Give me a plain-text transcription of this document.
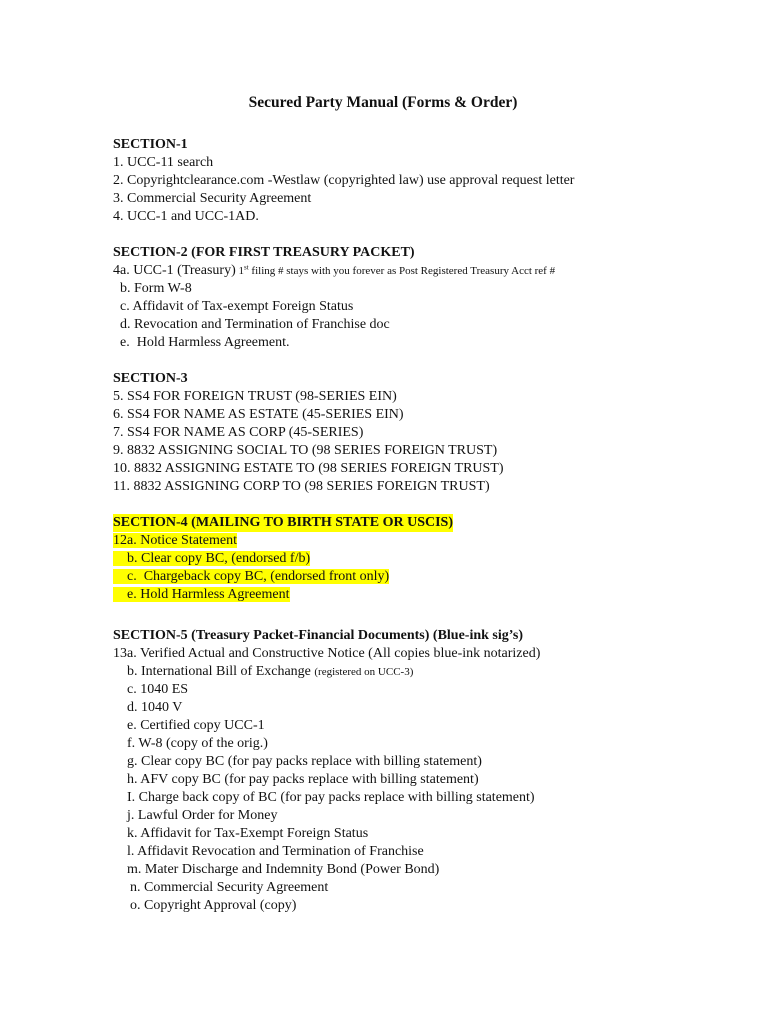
Secured Party Manual (Forms & Order)
SECTION-1
1. UCC-11 search
2. Copyrightclearance.com -Westlaw (copyrighted law) use approval request letter
3. Commercial Security Agreement
4. UCC-1 and UCC-1AD.
SECTION-2 (FOR FIRST TREASURY PACKET)
4a. UCC-1 (Treasury) 1st filing # stays with you forever as Post Registered Treasury Acct ref #
b. Form W-8
c. Affidavit of Tax-exempt Foreign Status
d. Revocation and Termination of Franchise doc
e.  Hold Harmless Agreement.
SECTION-3
5. SS4 FOR FOREIGN TRUST (98-SERIES EIN)
6. SS4 FOR NAME AS ESTATE (45-SERIES EIN)
7. SS4 FOR NAME AS CORP (45-SERIES)
9. 8832 ASSIGNING SOCIAL TO (98 SERIES FOREIGN TRUST)
10. 8832 ASSIGNING ESTATE TO (98 SERIES FOREIGN TRUST)
11. 8832 ASSIGNING CORP TO (98 SERIES FOREIGN TRUST)
SECTION-4 (MAILING TO BIRTH STATE OR USCIS)
12a. Notice Statement
b. Clear copy BC, (endorsed f/b)
c.  Chargeback copy BC, (endorsed front only)
e. Hold Harmless Agreement
SECTION-5 (Treasury Packet-Financial Documents) (Blue-ink sig’s)
13a. Verified Actual and Constructive Notice (All copies blue-ink notarized)
b. International Bill of Exchange (registered on UCC-3)
c. 1040 ES
d. 1040 V
e. Certified copy UCC-1
f. W-8 (copy of the orig.)
g. Clear copy BC (for pay packs replace with billing statement)
h. AFV copy BC (for pay packs replace with billing statement)
I. Charge back copy of BC (for pay packs replace with billing statement)
j. Lawful Order for Money
k. Affidavit for Tax-Exempt Foreign Status
l. Affidavit Revocation and Termination of Franchise
m. Mater Discharge and Indemnity Bond (Power Bond)
n. Commercial Security Agreement
o. Copyright Approval (copy)
